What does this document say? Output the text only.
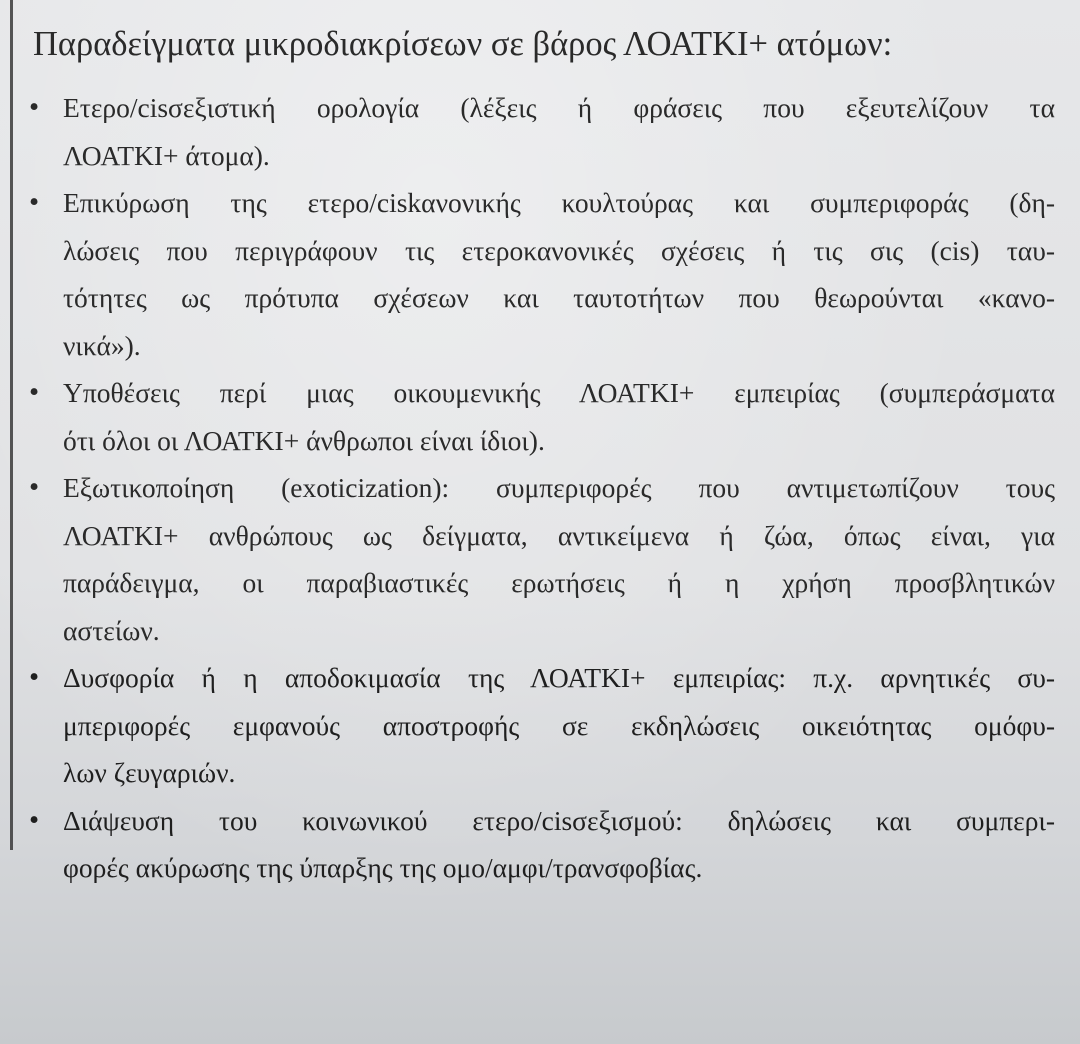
Παραδείγματα μικροδιακρίσεων σε βάρος ΛΟΑΤΚΙ+ ατόμων:
• Ετερο/cisσεξιστική ορολογία (λέξεις ή φράσεις που εξευτελίζουν τα
ΛΟΑΤΚΙ+ άτομα).
• Επικύρωση της ετερο/ciskανονικής κουλτούρας και συμπεριφοράς (δη-
λώσεις που περιγράφουν τις ετεροκανονικές σχέσεις ή τις σις (cis) ταυ-
τότητες ως πρότυπα σχέσεων και ταυτοτήτων που θεωρούνται «κανο-
νικά»).
• Υποθέσεις περί μιας οικουμενικής ΛΟΑΤΚΙ+ εμπειρίας (συμπεράσματα
ότι όλοι οι ΛΟΑΤΚΙ+ άνθρωποι είναι ίδιοι).
• Εξωτικοποίηση (exoticization): συμπεριφορές που αντιμετωπίζουν τους
ΛΟΑΤΚΙ+ ανθρώπους ως δείγματα, αντικείμενα ή ζώα, όπως είναι, για
παράδειγμα, οι παραβιαστικές ερωτήσεις ή η χρήση προσβλητικών
αστείων.
• Δυσφορία ή η αποδοκιμασία της ΛΟΑΤΚΙ+ εμπειρίας: π.χ. αρνητικές συ-
μπεριφορές εμφανούς αποστροφής σε εκδηλώσεις οικειότητας ομόφυ-
λων ζευγαριών.
• Διάψευση του κοινωνικού ετερο/cisσεξισμού: δηλώσεις και συμπερι-
φορές ακύρωσης της ύπαρξης της ομο/αμφι/τρανσφοβίας.
